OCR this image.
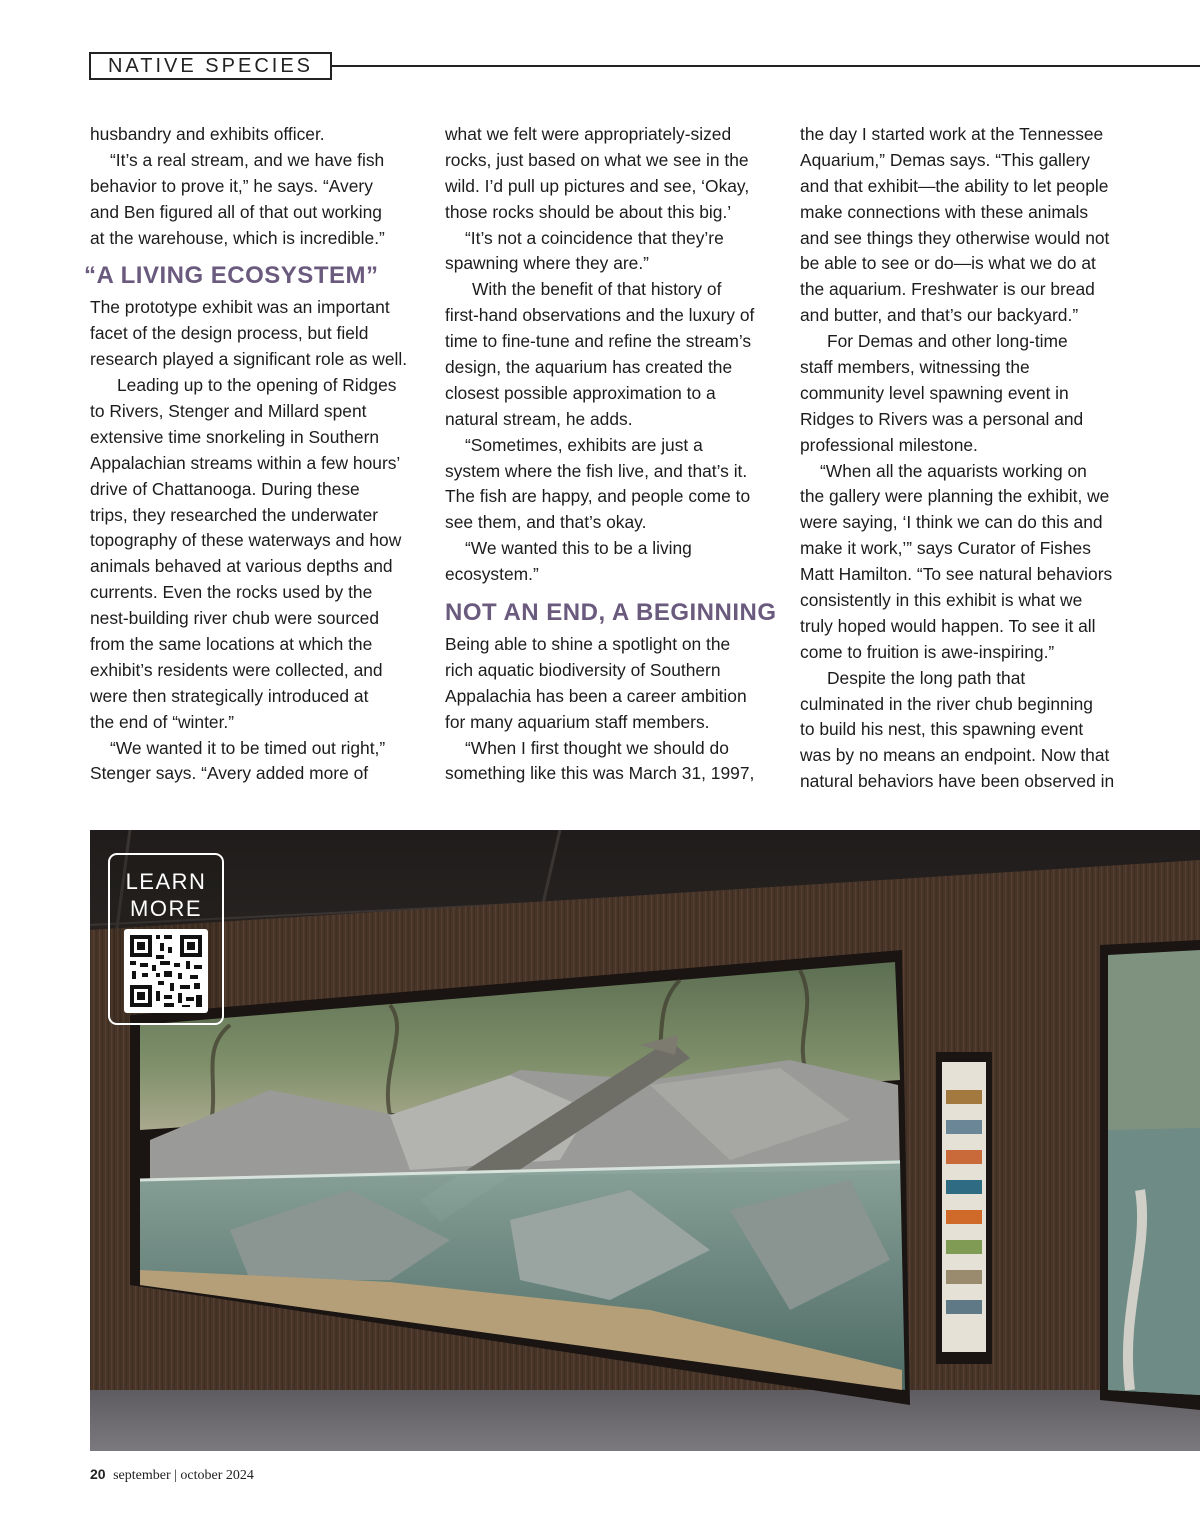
NATIVE SPECIES
husbandry and exhibits officer.
“It’s a real stream, and we have fish
behavior to prove it,” he says. “Avery
and Ben figured all of that out working
at the warehouse, which is incredible.”
“A LIVING ECOSYSTEM”
The prototype exhibit was an important
facet of the design process, but field
research played a significant role as well.
Leading up to the opening of Ridges
to Rivers, Stenger and Millard spent
extensive time snorkeling in Southern
Appalachian streams within a few hours’
drive of Chattanooga. During these
trips, they researched the underwater
topography of these waterways and how
animals behaved at various depths and
currents. Even the rocks used by the
nest-building river chub were sourced
from the same locations at which the
exhibit’s residents were collected, and
were then strategically introduced at
the end of “winter.”
“We wanted it to be timed out right,”
Stenger says. “Avery added more of
what we felt were appropriately-sized
rocks, just based on what we see in the
wild. I’d pull up pictures and see, ‘Okay,
those rocks should be about this big.’
“It’s not a coincidence that they’re
spawning where they are.”
With the benefit of that history of
first-hand observations and the luxury of
time to fine-tune and refine the stream’s
design, the aquarium has created the
closest possible approximation to a
natural stream, he adds.
“Sometimes, exhibits are just a
system where the fish live, and that’s it.
The fish are happy, and people come to
see them, and that’s okay.
“We wanted this to be a living
ecosystem.”
NOT AN END, A BEGINNING
Being able to shine a spotlight on the
rich aquatic biodiversity of Southern
Appalachia has been a career ambition
for many aquarium staff members.
“When I first thought we should do
something like this was March 31, 1997,
the day I started work at the Tennessee
Aquarium,” Demas says. “This gallery
and that exhibit—the ability to let people
make connections with these animals
and see things they otherwise would not
be able to see or do—is what we do at
the aquarium. Freshwater is our bread
and butter, and that’s our backyard.”
For Demas and other long-time
staff members, witnessing the
community level spawning event in
Ridges to Rivers was a personal and
professional milestone.
“When all the aquarists working on
the gallery were planning the exhibit, we
were saying, ‘I think we can do this and
make it work,’” says Curator of Fishes
Matt Hamilton. “To see natural behaviors
consistently in this exhibit is what we
truly hoped would happen. To see it all
come to fruition is awe-inspiring.”
Despite the long path that
culminated in the river chub beginning
to build his nest, this spawning event
was by no means an endpoint. Now that
natural behaviors have been observed in
LEARN
MORE
20 september | october 2024
